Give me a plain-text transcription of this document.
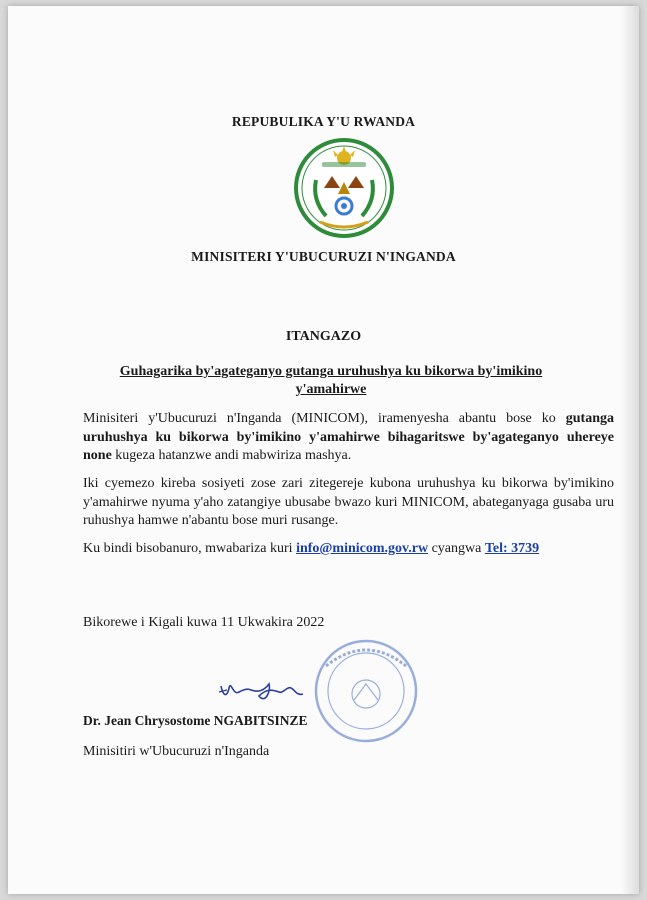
REPUBULIKA Y'U RWANDA
MINISITERI Y'UBUCURUZI N'INGANDA
ITANGAZO
Guhagarika by'agateganyo gutanga uruhushya ku bikorwa by'imikino y'amahirwe
Minisiteri y'Ubucuruzi n'Inganda (MINICOM), iramenyesha abantu bose ko gutanga uruhushya ku bikorwa by'imikino y'amahirwe bihagaritswe by'agateganyo uhereye none kugeza hatanzwe andi mabwiriza mashya.
Iki cyemezo kireba sosiyeti zose zari zitegereje kubona uruhushya ku bikorwa by'imikino y'amahirwe nyuma y'aho zatangiye ubusabe bwazo kuri MINICOM, abateganyaga gusaba uru ruhushya hamwe n'abantu bose muri rusange.
Ku bindi bisobanuro, mwabariza kuri info@minicom.gov.rw cyangwa Tel: 3739
Bikorewe i Kigali kuwa 11 Ukwakira 2022
Dr. Jean Chrysostome NGABITSINZE
Minisitiri w'Ubucuruzi n'Inganda
